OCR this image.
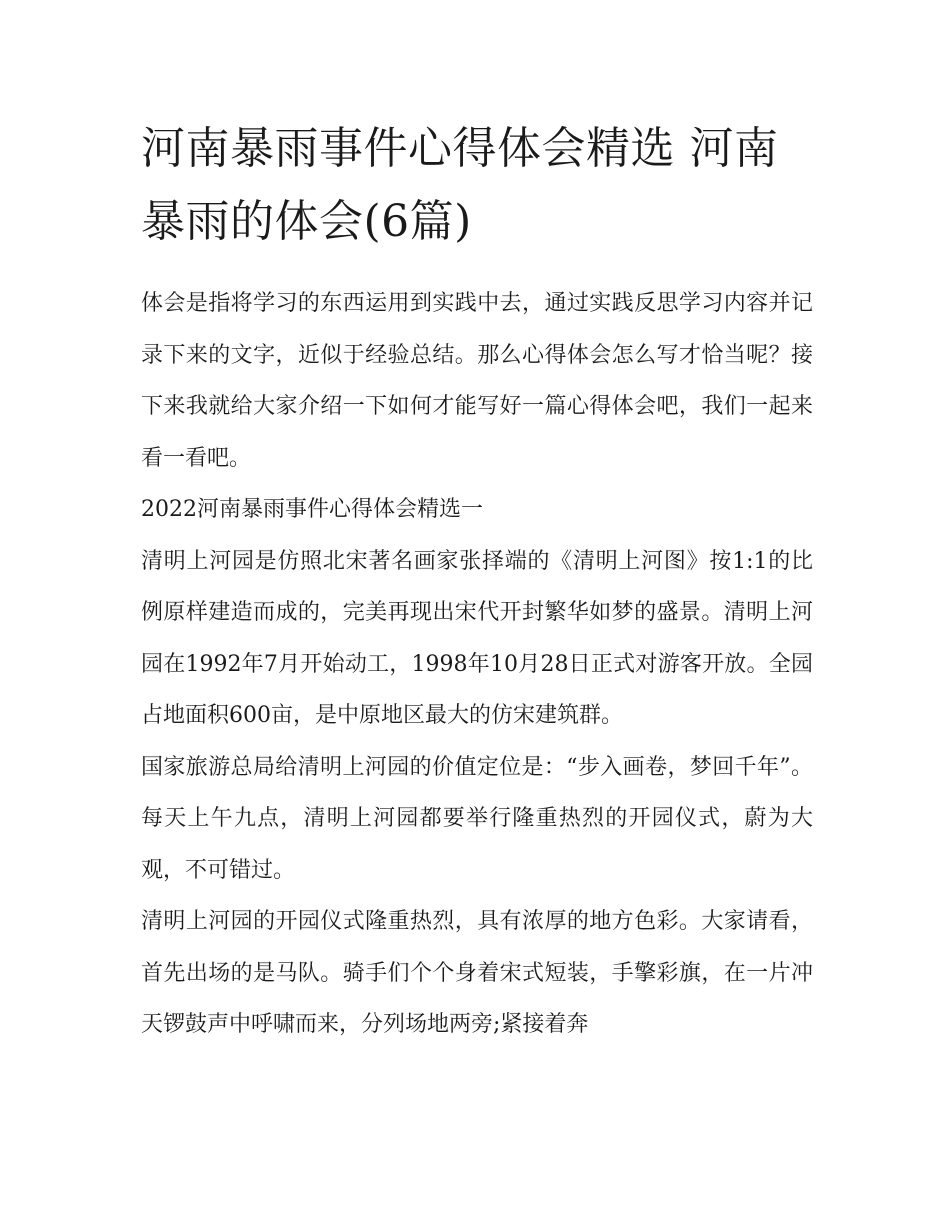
河南暴雨事件心得体会精选 河南暴雨的体会(6篇)

体会是指将学习的东西运用到实践中去，通过实践反思学习内容并记录下来的文字，近似于经验总结。那么心得体会怎么写才恰当呢？接下来我就给大家介绍一下如何才能写好一篇心得体会吧，我们一起来看一看吧。

2022河南暴雨事件心得体会精选一

清明上河园是仿照北宋著名画家张择端的《清明上河图》按1:1的比例原样建造而成的，完美再现出宋代开封繁华如梦的盛景。清明上河园在1992年7月开始动工，1998年10月28日正式对游客开放。全园占地面积600亩，是中原地区最大的仿宋建筑群。

国家旅游总局给清明上河园的价值定位是：“步入画卷，梦回千年”。每天上午九点，清明上河园都要举行隆重热烈的开园仪式，蔚为大观，不可错过。

清明上河园的开园仪式隆重热烈，具有浓厚的地方色彩。大家请看，首先出场的是马队。骑手们个个身着宋式短装，手擎彩旗，在一片冲天锣鼓声中呼啸而来，分列场地两旁;紧接着奔
